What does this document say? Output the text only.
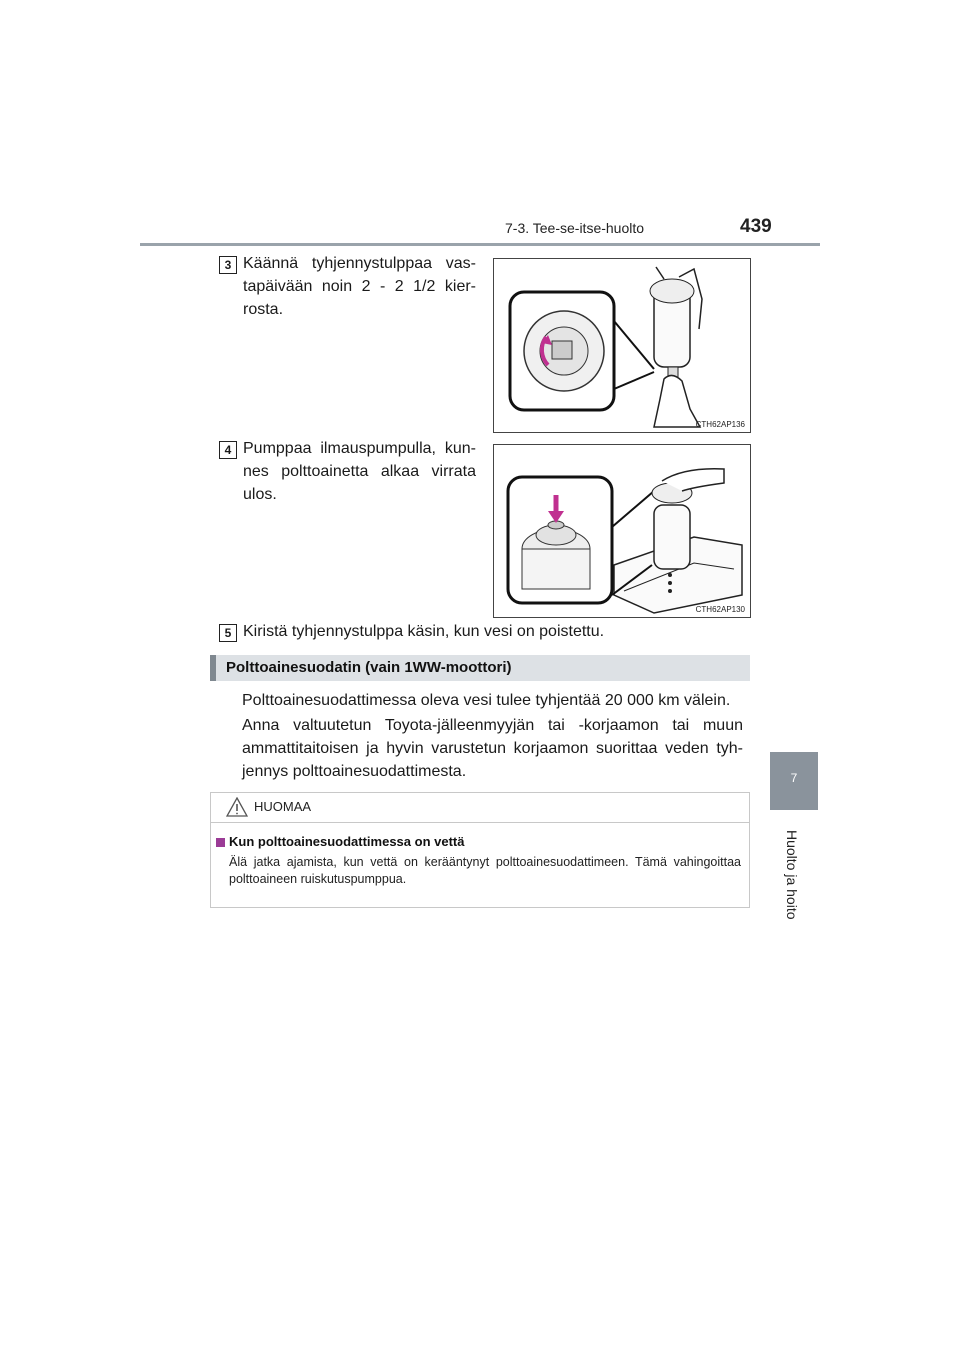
7-3. Tee-se-itse-huolto	439
7
Huolto ja hoito
3 Käännä tyhjennystulppaa vas-tapäivään noin 2 - 2 1/2 kier-rosta.
CTH62AP136
4 Pumppaa ilmauspumpulla, kun-nes polttoainetta alkaa virrata ulos.
CTH62AP130
5 Kiristä tyhjennystulppa käsin, kun vesi on poistettu.
Polttoainesuodatin (vain 1WW-moottori)
Polttoainesuodattimessa oleva vesi tulee tyhjentää 20 000 km välein.
Anna valtuutetun Toyota-jälleenmyyjän tai -korjaamon tai muun ammattitaitoisen ja hyvin varustetun korjaamon suorittaa veden tyh-jennys polttoainesuodattimesta.
HUOMAA
Kun polttoainesuodattimessa on vettä
Älä jatka ajamista, kun vettä on kerääntynyt polttoainesuodattimeen. Tämä vahingoittaa polttoaineen ruiskutuspumppua.
